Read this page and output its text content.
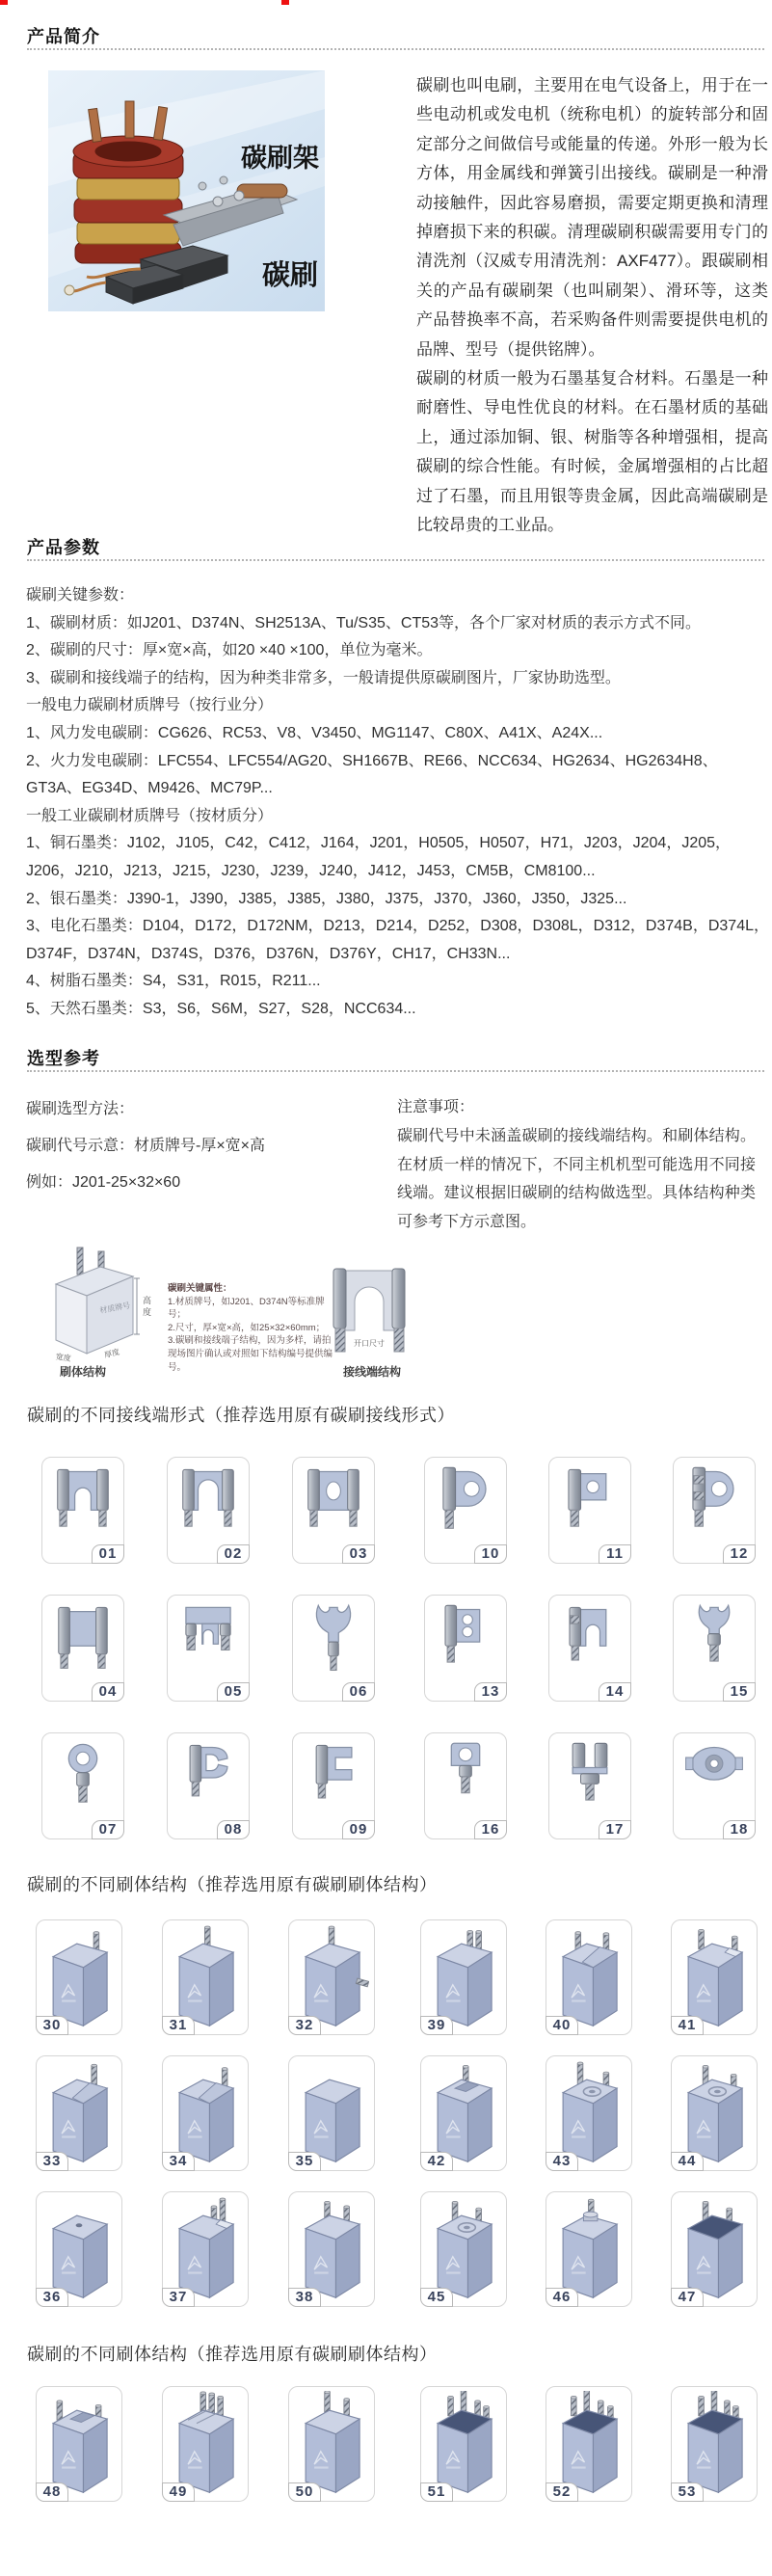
产品简介
碳刷架
碳刷

碳刷也叫电刷，主要用在电气设备上，用于在一些电动机或发电机（统称电机）的旋转部分和固定部分之间做信号或能量的传递。外形一般为长方体，用金属线和弹簧引出接线。碳刷是一种滑动接触件，因此容易磨损，需要定期更换和清理掉磨损下来的积碳。清理碳刷积碳需要用专门的清洗剂（汉威专用清洗剂：AXF477）。跟碳刷相关的产品有碳刷架（也叫刷架）、滑环等，这类产品替换率不高，若采购备件则需要提供电机的品牌、型号（提供铭牌）。

碳刷的材质一般为石墨基复合材料。石墨是一种耐磨性、导电性优良的材料。在石墨材质的基础上，通过添加铜、银、树脂等各种增强相，提高碳刷的综合性能。有时候，金属增强相的占比超过了石墨，而且用银等贵金属，因此高端碳刷是比较昂贵的工业品。

产品参数

碳刷关键参数：

1、碳刷材质：如J201、D374N、SH2513A、Tu/S35、CT53等，各个厂家对材质的表示方式不同。

2、碳刷的尺寸：厚×宽×高，如20 ×40 ×100，单位为毫米。

3、碳刷和接线端子的结构，因为种类非常多，一般请提供原碳刷图片，厂家协助选型。

一般电力碳刷材质牌号（按行业分）

1、风力发电碳刷：CG626、RC53、V8、V3450、MG1147、C80X、A41X、A24X...

2、火力发电碳刷：LFC554、LFC554/AG20、SH1667B、RE66、NCC634、HG2634、HG2634H8、GT3A、EG34D、M9426、MC79P...

一般工业碳刷材质牌号（按材质分）

1、铜石墨类：J102，J105，C42，C412，J164，J201，H0505，H0507，H71，J203，J204，J205，J206，J210，J213，J215，J230，J239，J240，J412，J453，CM5B，CM8100...

2、银石墨类：J390-1，J390，J385，J385，J380，J375，J370，J360，J350，J325...

3、电化石墨类：D104，D172，D172NM，D213，D214，D252，D308，D308L，D312，D374B，D374L，D374F，D374N，D374S，D376，D376N，D376Y，CH17，CH33N...

4、树脂石墨类：S4，S31，R015，R211...

5、天然石墨类：S3，S6，S6M，S27，S28，NCC634...

选型参考
碳刷选型方法：
碳刷代号示意：材质牌号-厚×宽×高
例如：J201-25×32×60
注意事项：
碳刷代号中未涵盖碳刷的接线端结构。和刷体结构。在材质一样的情况下，不同主机机型可能选用不同接线端。建议根据旧碳刷的结构做选型。具体结构种类可参考下方示意图。
材质牌号
高
度
宽度	厚度
刷体结构
碳刷关键属性：
1.材质牌号，如J201、D374N等标准牌号；
2.尺寸，厚×宽×高，如25×32×60mm；
3.碳刷和接线端子结构，因为多样，请拍现场图片确认或对照如下结构编号提供编号。
开口尺寸
接线端结构
碳刷的不同接线端形式（推荐选用原有碳刷接线形式）
01	02	03	10	11	12
04	05	06	13	14	15
07	08	09	16	17	18
碳刷的不同刷体结构（推荐选用原有碳刷刷体结构）
30	31	32	39	40	41
33	34	35	42	43	44
36	37	38	45	46	47
碳刷的不同刷体结构（推荐选用原有碳刷刷体结构）
48	49	50	51	52	53
